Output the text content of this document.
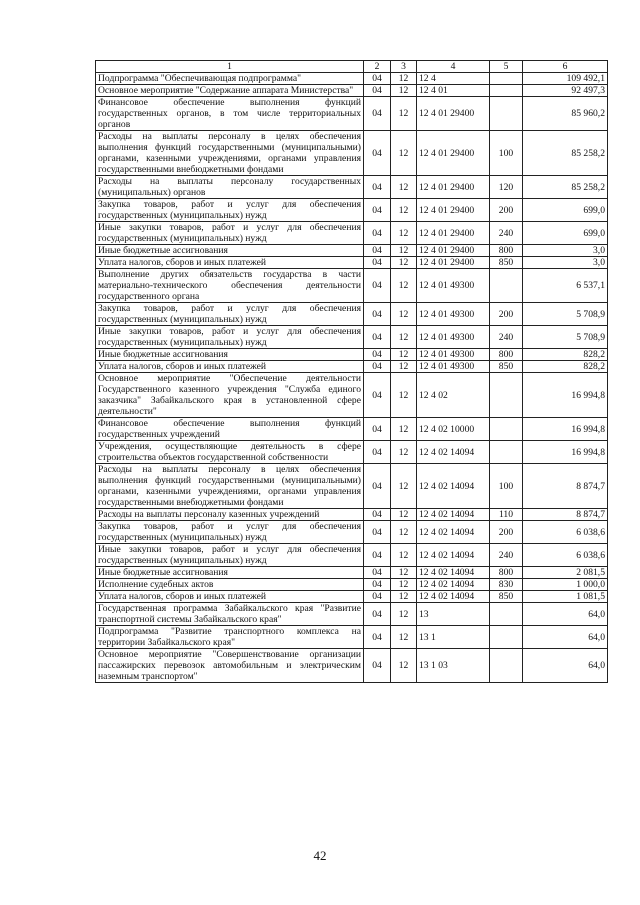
1	2	3	4	5	6
Подпрограмма "Обеспечивающая подпрограмма"	04	12	12 4		109 492,1
Основное мероприятие "Содержание аппарата Министерства"	04	12	12 4 01		92 497,3
Финансовое обеспечение выполнения функций государственных органов, в том числе территориальных органов	04	12	12 4 01 29400		85 960,2
Расходы на выплаты персоналу в целях обеспечения выполнения функций государственными (муниципальными) органами, казенными учреждениями, органами управления государственными внебюджетными фондами	04	12	12 4 01 29400	100	85 258,2
Расходы на выплаты персоналу государственных (муниципальных) органов	04	12	12 4 01 29400	120	85 258,2
Закупка товаров, работ и услуг для обеспечения государственных (муниципальных) нужд	04	12	12 4 01 29400	200	699,0
Иные закупки товаров, работ и услуг для обеспечения государственных (муниципальных) нужд	04	12	12 4 01 29400	240	699,0
Иные бюджетные ассигнования	04	12	12 4 01 29400	800	3,0
Уплата налогов, сборов и иных платежей	04	12	12 4 01 29400	850	3,0
Выполнение других обязательств государства в части материально-технического обеспечения деятельности государственного органа	04	12	12 4 01 49300		6 537,1
Закупка товаров, работ и услуг для обеспечения государственных (муниципальных) нужд	04	12	12 4 01 49300	200	5 708,9
Иные закупки товаров, работ и услуг для обеспечения государственных (муниципальных) нужд	04	12	12 4 01 49300	240	5 708,9
Иные бюджетные ассигнования	04	12	12 4 01 49300	800	828,2
Уплата налогов, сборов и иных платежей	04	12	12 4 01 49300	850	828,2
Основное мероприятие "Обеспечение деятельности Государственного казенного учреждения "Служба единого заказчика" Забайкальского края в установленной сфере деятельности"	04	12	12 4 02		16 994,8
Финансовое обеспечение выполнения функций государственных учреждений	04	12	12 4 02 10000		16 994,8
Учреждения, осуществляющие деятельность в сфере строительства объектов государственной собственности	04	12	12 4 02 14094		16 994,8
Расходы на выплаты персоналу в целях обеспечения выполнения функций государственными (муниципальными) органами, казенными учреждениями, органами управления государственными внебюджетными фондами	04	12	12 4 02 14094	100	8 874,7
Расходы на выплаты персоналу казенных учреждений	04	12	12 4 02 14094	110	8 874,7
Закупка товаров, работ и услуг для обеспечения государственных (муниципальных) нужд	04	12	12 4 02 14094	200	6 038,6
Иные закупки товаров, работ и услуг для обеспечения государственных (муниципальных) нужд	04	12	12 4 02 14094	240	6 038,6
Иные бюджетные ассигнования	04	12	12 4 02 14094	800	2 081,5
Исполнение судебных актов	04	12	12 4 02 14094	830	1 000,0
Уплата налогов, сборов и иных платежей	04	12	12 4 02 14094	850	1 081,5
Государственная программа Забайкальского края "Развитие транспортной системы Забайкальского края"	04	12	13		64,0
Подпрограмма "Развитие транспортного комплекса на территории Забайкальского края"	04	12	13 1		64,0
Основное мероприятие "Совершенствование организации пассажирских перевозок автомобильным и электрическим наземным транспортом"	04	12	13 1 03		64,0
42
